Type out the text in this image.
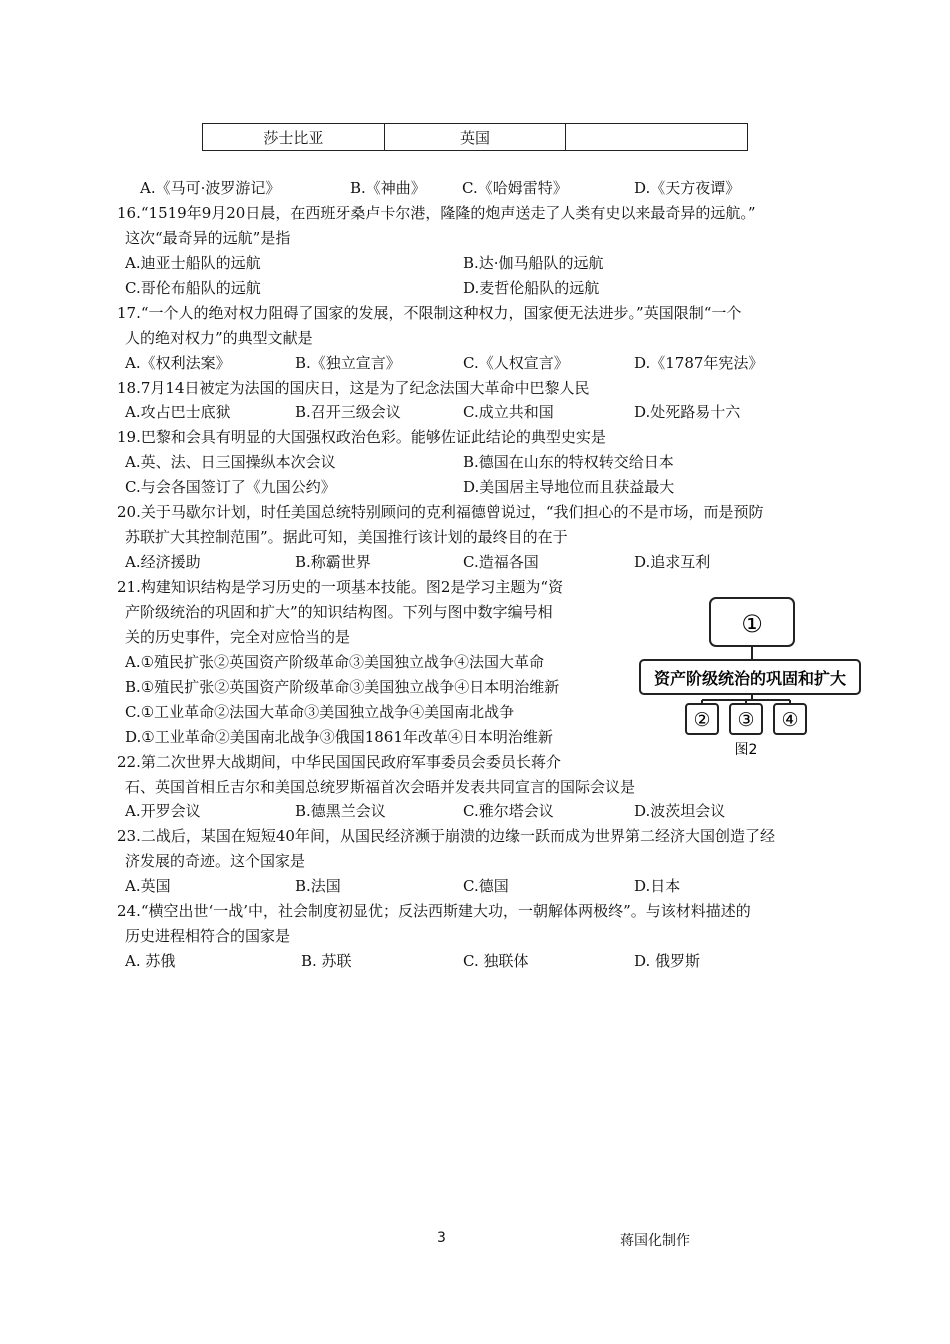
莎士比亚	英国	
A.《马可·波罗游记》	B.《神曲》 C.《哈姆雷特》	D.《天方夜谭》
16.“1519年9月20日晨，在西班牙桑卢卡尔港，隆隆的炮声送走了人类有史以来最奇异的远航。”
这次“最奇异的远航”是指
A.迪亚士船队的远航	B.达·伽马船队的远航
C.哥伦布船队的远航	D.麦哲伦船队的远航
17.“一个人的绝对权力阻碍了国家的发展，不限制这种权力，国家便无法进步。”英国限制“一个
人的绝对权力”的典型文献是
A.《权利法案》	B.《独立宣言》	C.《人权宣言》	D.《1787年宪法》
18.7月14日被定为法国的国庆日，这是为了纪念法国大革命中巴黎人民
A.攻占巴士底狱	B.召开三级会议	C.成立共和国	D.处死路易十六
19.巴黎和会具有明显的大国强权政治色彩。能够佐证此结论的典型史实是
A.英、法、日三国操纵本次会议	B.德国在山东的特权转交给日本
C.与会各国签订了《九国公约》	D.美国居主导地位而且获益最大
20.关于马歇尔计划，时任美国总统特别顾问的克利福德曾说过，“我们担心的不是市场，而是预防
苏联扩大其控制范围”。据此可知，美国推行该计划的最终目的在于
A.经济援助	B.称霸世界	C.造福各国	D.追求互利
21.构建知识结构是学习历史的一项基本技能。图2是学习主题为“资
产阶级统治的巩固和扩大”的知识结构图。下列与图中数字编号相
关的历史事件，完全对应恰当的是
A.①殖民扩张②英国资产阶级革命③美国独立战争④法国大革命
B.①殖民扩张②英国资产阶级革命③美国独立战争④日本明治维新
C.①工业革命②法国大革命③美国独立战争④美国南北战争
D.①工业革命②美国南北战争③俄国1861年改革④日本明治维新
①
资产阶级统治的巩固和扩大
② ③ ④
图2
22.第二次世界大战期间，中华民国国民政府军事委员会委员长蒋介
石、英国首相丘吉尔和美国总统罗斯福首次会晤并发表共同宣言的国际会议是
A.开罗会议	B.德黑兰会议	C.雅尔塔会议	D.波茨坦会议
23.二战后，某国在短短40年间，从国民经济濒于崩溃的边缘一跃而成为世界第二经济大国创造了经
济发展的奇迹。这个国家是
A.英国	B.法国	C.德国	D.日本
24.“横空出世‘一战’中，社会制度初显优；反法西斯建大功，一朝解体两极终”。与该材料描述的
历史进程相符合的国家是
A. 苏俄	B. 苏联	C. 独联体	D. 俄罗斯
3	蒋国化制作
